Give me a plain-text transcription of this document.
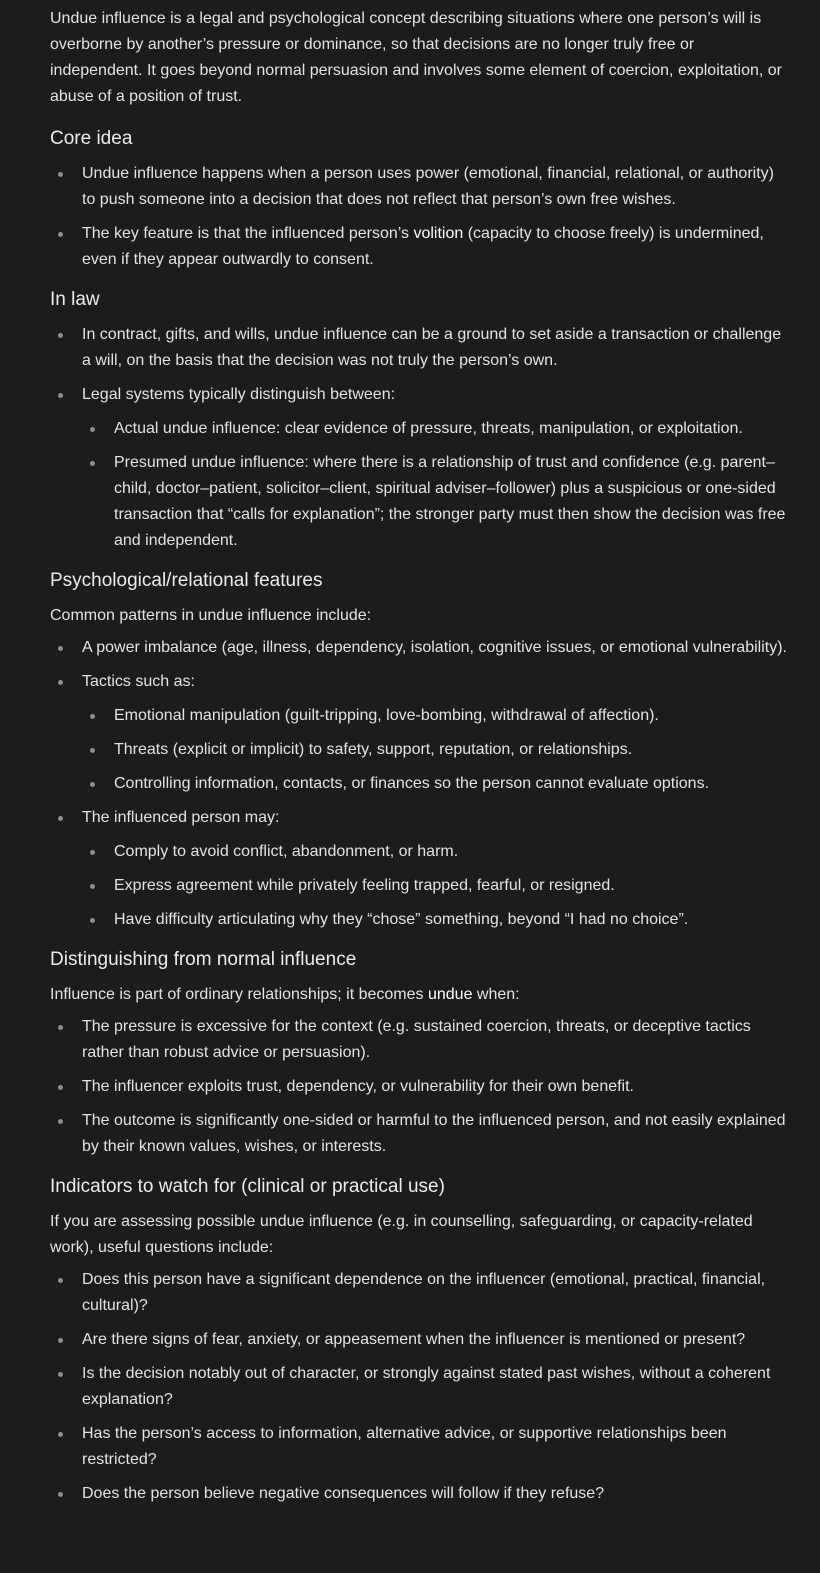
Undue influence is a legal and psychological concept describing situations where one person’s will is overborne by another’s pressure or dominance, so that decisions are no longer truly free or independent. It goes beyond normal persuasion and involves some element of coercion, exploitation, or abuse of a position of trust.

Core idea
Undue influence happens when a person uses power (emotional, financial, relational, or authority) to push someone into a decision that does not reflect that person’s own free wishes.
The key feature is that the influenced person’s volition (capacity to choose freely) is undermined, even if they appear outwardly to consent.
In law
In contract, gifts, and wills, undue influence can be a ground to set aside a transaction or challenge a will, on the basis that the decision was not truly the person’s own.
Legal systems typically distinguish between:
Actual undue influence: clear evidence of pressure, threats, manipulation, or exploitation.
Presumed undue influence: where there is a relationship of trust and confidence (e.g. parent–child, doctor–patient, solicitor–client, spiritual adviser–follower) plus a suspicious or one-sided transaction that “calls for explanation”; the stronger party must then show the decision was free and independent.
Psychological/relational features

Common patterns in undue influence include:

A power imbalance (age, illness, dependency, isolation, cognitive issues, or emotional vulnerability).
Tactics such as:
Emotional manipulation (guilt-tripping, love-bombing, withdrawal of affection).
Threats (explicit or implicit) to safety, support, reputation, or relationships.
Controlling information, contacts, or finances so the person cannot evaluate options.
The influenced person may:
Comply to avoid conflict, abandonment, or harm.
Express agreement while privately feeling trapped, fearful, or resigned.
Have difficulty articulating why they “chose” something, beyond “I had no choice”.
Distinguishing from normal influence

Influence is part of ordinary relationships; it becomes undue when:

The pressure is excessive for the context (e.g. sustained coercion, threats, or deceptive tactics rather than robust advice or persuasion).
The influencer exploits trust, dependency, or vulnerability for their own benefit.
The outcome is significantly one-sided or harmful to the influenced person, and not easily explained by their known values, wishes, or interests.
Indicators to watch for (clinical or practical use)

If you are assessing possible undue influence (e.g. in counselling, safeguarding, or capacity-related work), useful questions include:

Does this person have a significant dependence on the influencer (emotional, practical, financial, cultural)?
Are there signs of fear, anxiety, or appeasement when the influencer is mentioned or present?
Is the decision notably out of character, or strongly against stated past wishes, without a coherent explanation?
Has the person’s access to information, alternative advice, or supportive relationships been restricted?
Does the person believe negative consequences will follow if they refuse?
